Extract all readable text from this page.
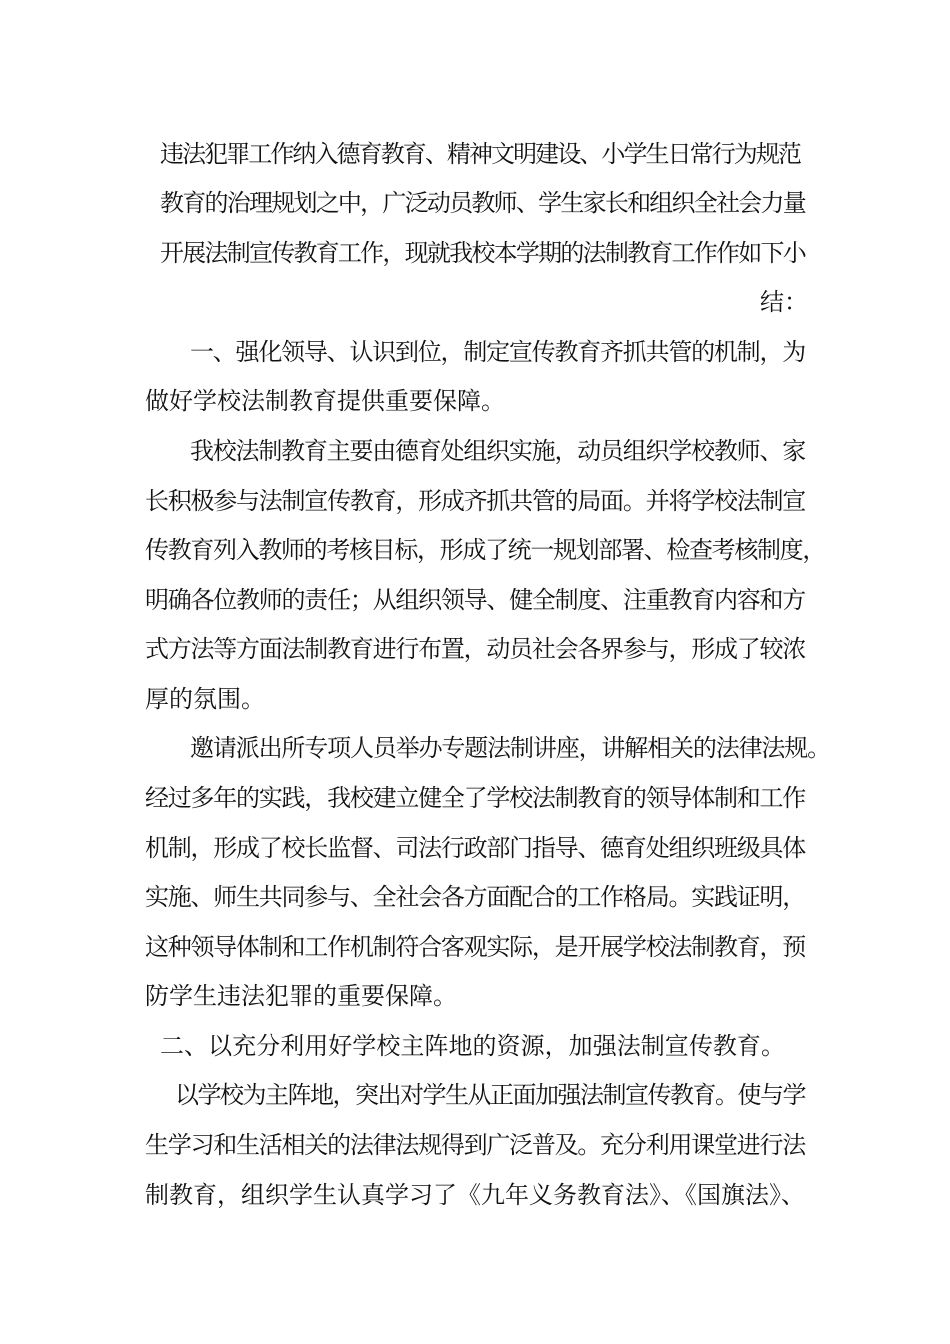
违法犯罪工作纳入德育教育、精神文明建设、小学生日常行为规范
教育的治理规划之中，广泛动员教师、学生家长和组织全社会力量
开展法制宣传教育工作，现就我校本学期的法制教育工作作如下小
结：
一、强化领导、认识到位，制定宣传教育齐抓共管的机制，为
做好学校法制教育提供重要保障。
我校法制教育主要由德育处组织实施，动员组织学校教师、家
长积极参与法制宣传教育，形成齐抓共管的局面。并将学校法制宣
传教育列入教师的考核目标，形成了统一规划部署、检查考核制度，
明确各位教师的责任；从组织领导、健全制度、注重教育内容和方
式方法等方面法制教育进行布置，动员社会各界参与，形成了较浓
厚的氛围。
邀请派出所专项人员举办专题法制讲座，讲解相关的法律法规。
经过多年的实践，我校建立健全了学校法制教育的领导体制和工作
机制，形成了校长监督、司法行政部门指导、德育处组织班级具体
实施、师生共同参与、全社会各方面配合的工作格局。实践证明，
这种领导体制和工作机制符合客观实际，是开展学校法制教育，预
防学生违法犯罪的重要保障。
二、以充分利用好学校主阵地的资源，加强法制宣传教育。
以学校为主阵地，突出对学生从正面加强法制宣传教育。使与学
生学习和生活相关的法律法规得到广泛普及。充分利用课堂进行法
制教育，组织学生认真学习了《九年义务教育法》、《国旗法》、
